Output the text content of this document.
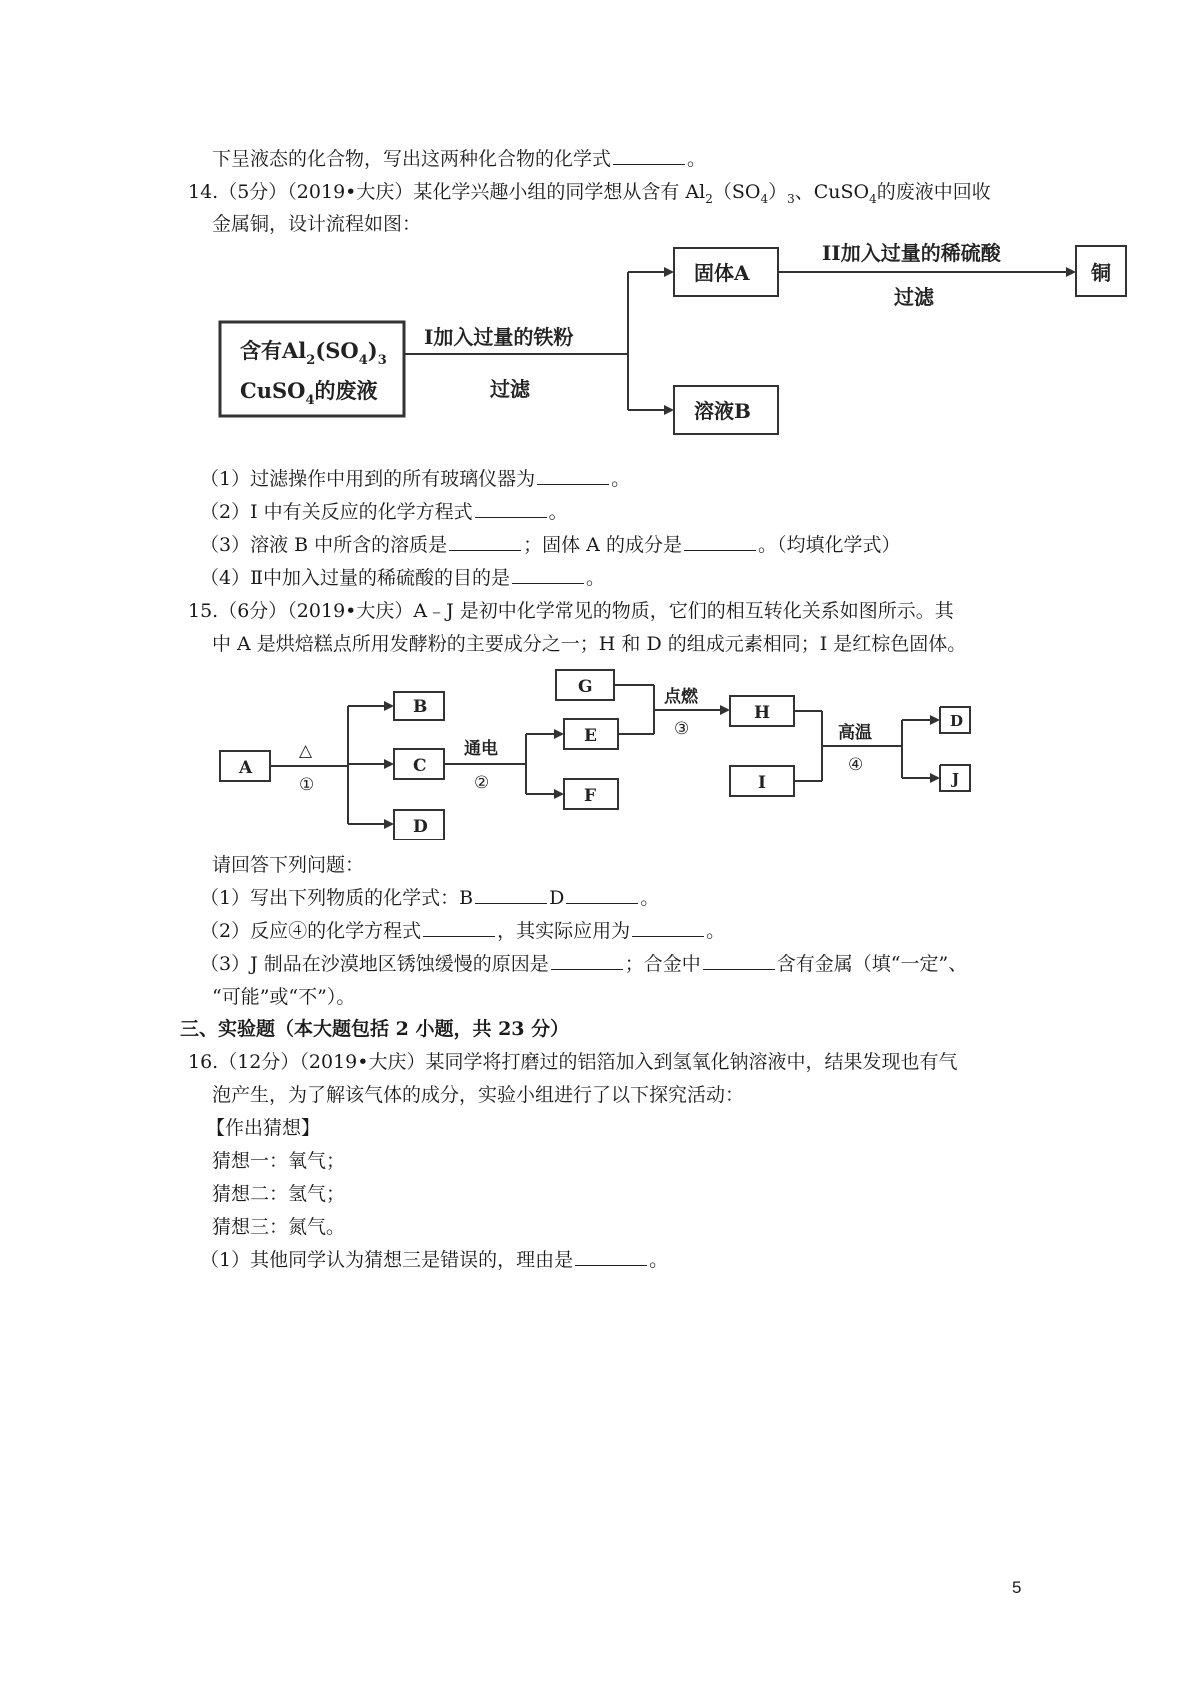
下呈液态的化合物，写出这两种化合物的化学式	。
14.（5分）（2019•大庆）某化学兴趣小组的同学想从含有 $Al_2(SO_4)_3$、CuSO$_4$的废液中回收
金属铜，设计流程如图：
含有$Al_2(SO_4)_3$
CuSO$_4$的废液
I加入过量的铁粉
过滤
固体A
溶液B
II加入过量的稀硫酸
过滤
铜
（1）过滤操作中用到的所有玻璃仪器为	。
（2）I 中有关反应的化学方程式	。
（3）溶液 B 中所含的溶质是	；固体 A 的成分是	。（均填化学式）
（4）Ⅱ中加入过量的稀硫酸的目的是	。
15.（6分）（2019•大庆）A﹣J 是初中化学常见的物质，它们的相互转化关系如图所示。其
中 A 是烘焙糕点所用发酵粉的主要成分之一；H 和 D 的组成元素相同；I 是红棕色固体。
A
B
C
D
E
F
G
H
I
D
J
△
①
通电
②
点燃
③	高温
④
请回答下列问题：
（1）写出下列物质的化学式：B	D	。
（2）反应④的化学方程式	，其实际应用为	。
（3）J 制品在沙漠地区锈蚀缓慢的原因是	；合金中	含有金属（填“一定”、
“可能”或“不”）。
三、实验题（本大题包括 2 小题，共 23 分）
16.（12分）（2019•大庆）某同学将打磨过的铝箔加入到氢氧化钠溶液中，结果发现也有气
泡产生，为了解该气体的成分，实验小组进行了以下探究活动：
【作出猜想】
猜想一：氧气；
猜想二：氢气；
猜想三：氮气。
（1）其他同学认为猜想三是错误的，理由是	。
5
